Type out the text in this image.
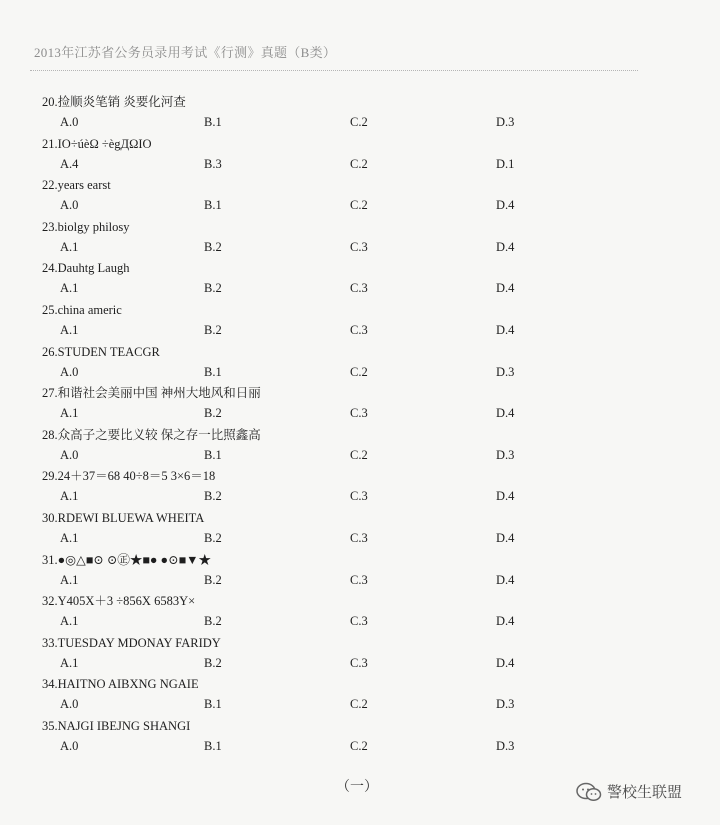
2013年江苏省公务员录用考试《行测》真题（B类）
20.捡顺炎笔销 炎要化河查
A.0	B.1	C.2	D.3
21.ΙΟ÷úèΩ ÷ègДΩΙΟ
A.4	B.3	C.2	D.1
22.years earst
A.0	B.1	C.2	D.4
23.biolgy philosy
A.1	B.2	C.3	D.4
24.Dauhtg Laugh
A.1	B.2	C.3	D.4
25.china americ
A.1	B.2	C.3	D.4
26.STUDEN TEACGR
A.0	B.1	C.2	D.3
27.和谐社会美丽中国 神州大地风和日丽
A.1	B.2	C.3	D.4
28.众高子之要比义较 保之存一比照鑫高
A.0	B.1	C.2	D.3
29.24＋37＝68 40÷8＝5 3×6＝18
A.1	B.2	C.3	D.4
30.RDEWI BLUEWA WHEITA
A.1	B.2	C.3	D.4
31.●◎△■⊙ ⊙㊣★■● ●⊙■▼★
A.1	B.2	C.3	D.4
32.Y405X＋3 ÷856X 6583Y×
A.1	B.2	C.3	D.4
33.TUESDAY MDONAY FARIDY
A.1	B.2	C.3	D.4
34.HAITNO AIBXNG NGAIE
A.0	B.1	C.2	D.3
35.NAJGI IBEJNG SHANGI
A.0	B.1	C.2	D.3
（一）	警校生联盟
